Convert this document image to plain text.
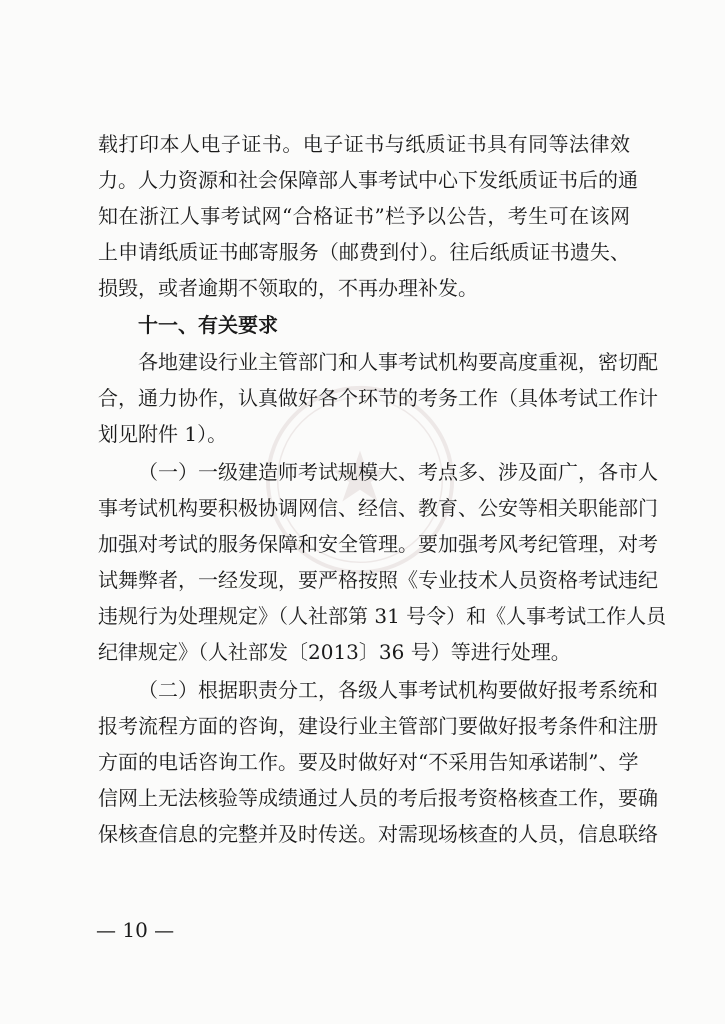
载打印本人电子证书。电子证书与纸质证书具有同等法律效
力。人力资源和社会保障部人事考试中心下发纸质证书后的通
知在浙江人事考试网“合格证书”栏予以公告，考生可在该网
上申请纸质证书邮寄服务（邮费到付）。往后纸质证书遗失、
损毁，或者逾期不领取的，不再办理补发。
十一、有关要求
各地建设行业主管部门和人事考试机构要高度重视，密切配
合，通力协作，认真做好各个环节的考务工作（具体考试工作计
划见附件 1）。
（一）一级建造师考试规模大、考点多、涉及面广，各市人
事考试机构要积极协调网信、经信、教育、公安等相关职能部门
加强对考试的服务保障和安全管理。要加强考风考纪管理，对考
试舞弊者，一经发现，要严格按照《专业技术人员资格考试违纪
违规行为处理规定》（人社部第 31 号令）和《人事考试工作人员
纪律规定》（人社部发〔2013〕36 号）等进行处理。
（二）根据职责分工，各级人事考试机构要做好报考系统和
报考流程方面的咨询，建设行业主管部门要做好报考条件和注册
方面的电话咨询工作。要及时做好对“不采用告知承诺制”、学
信网上无法核验等成绩通过人员的考后报考资格核查工作，要确
保核查信息的完整并及时传送。对需现场核查的人员，信息联络
— 10 —
